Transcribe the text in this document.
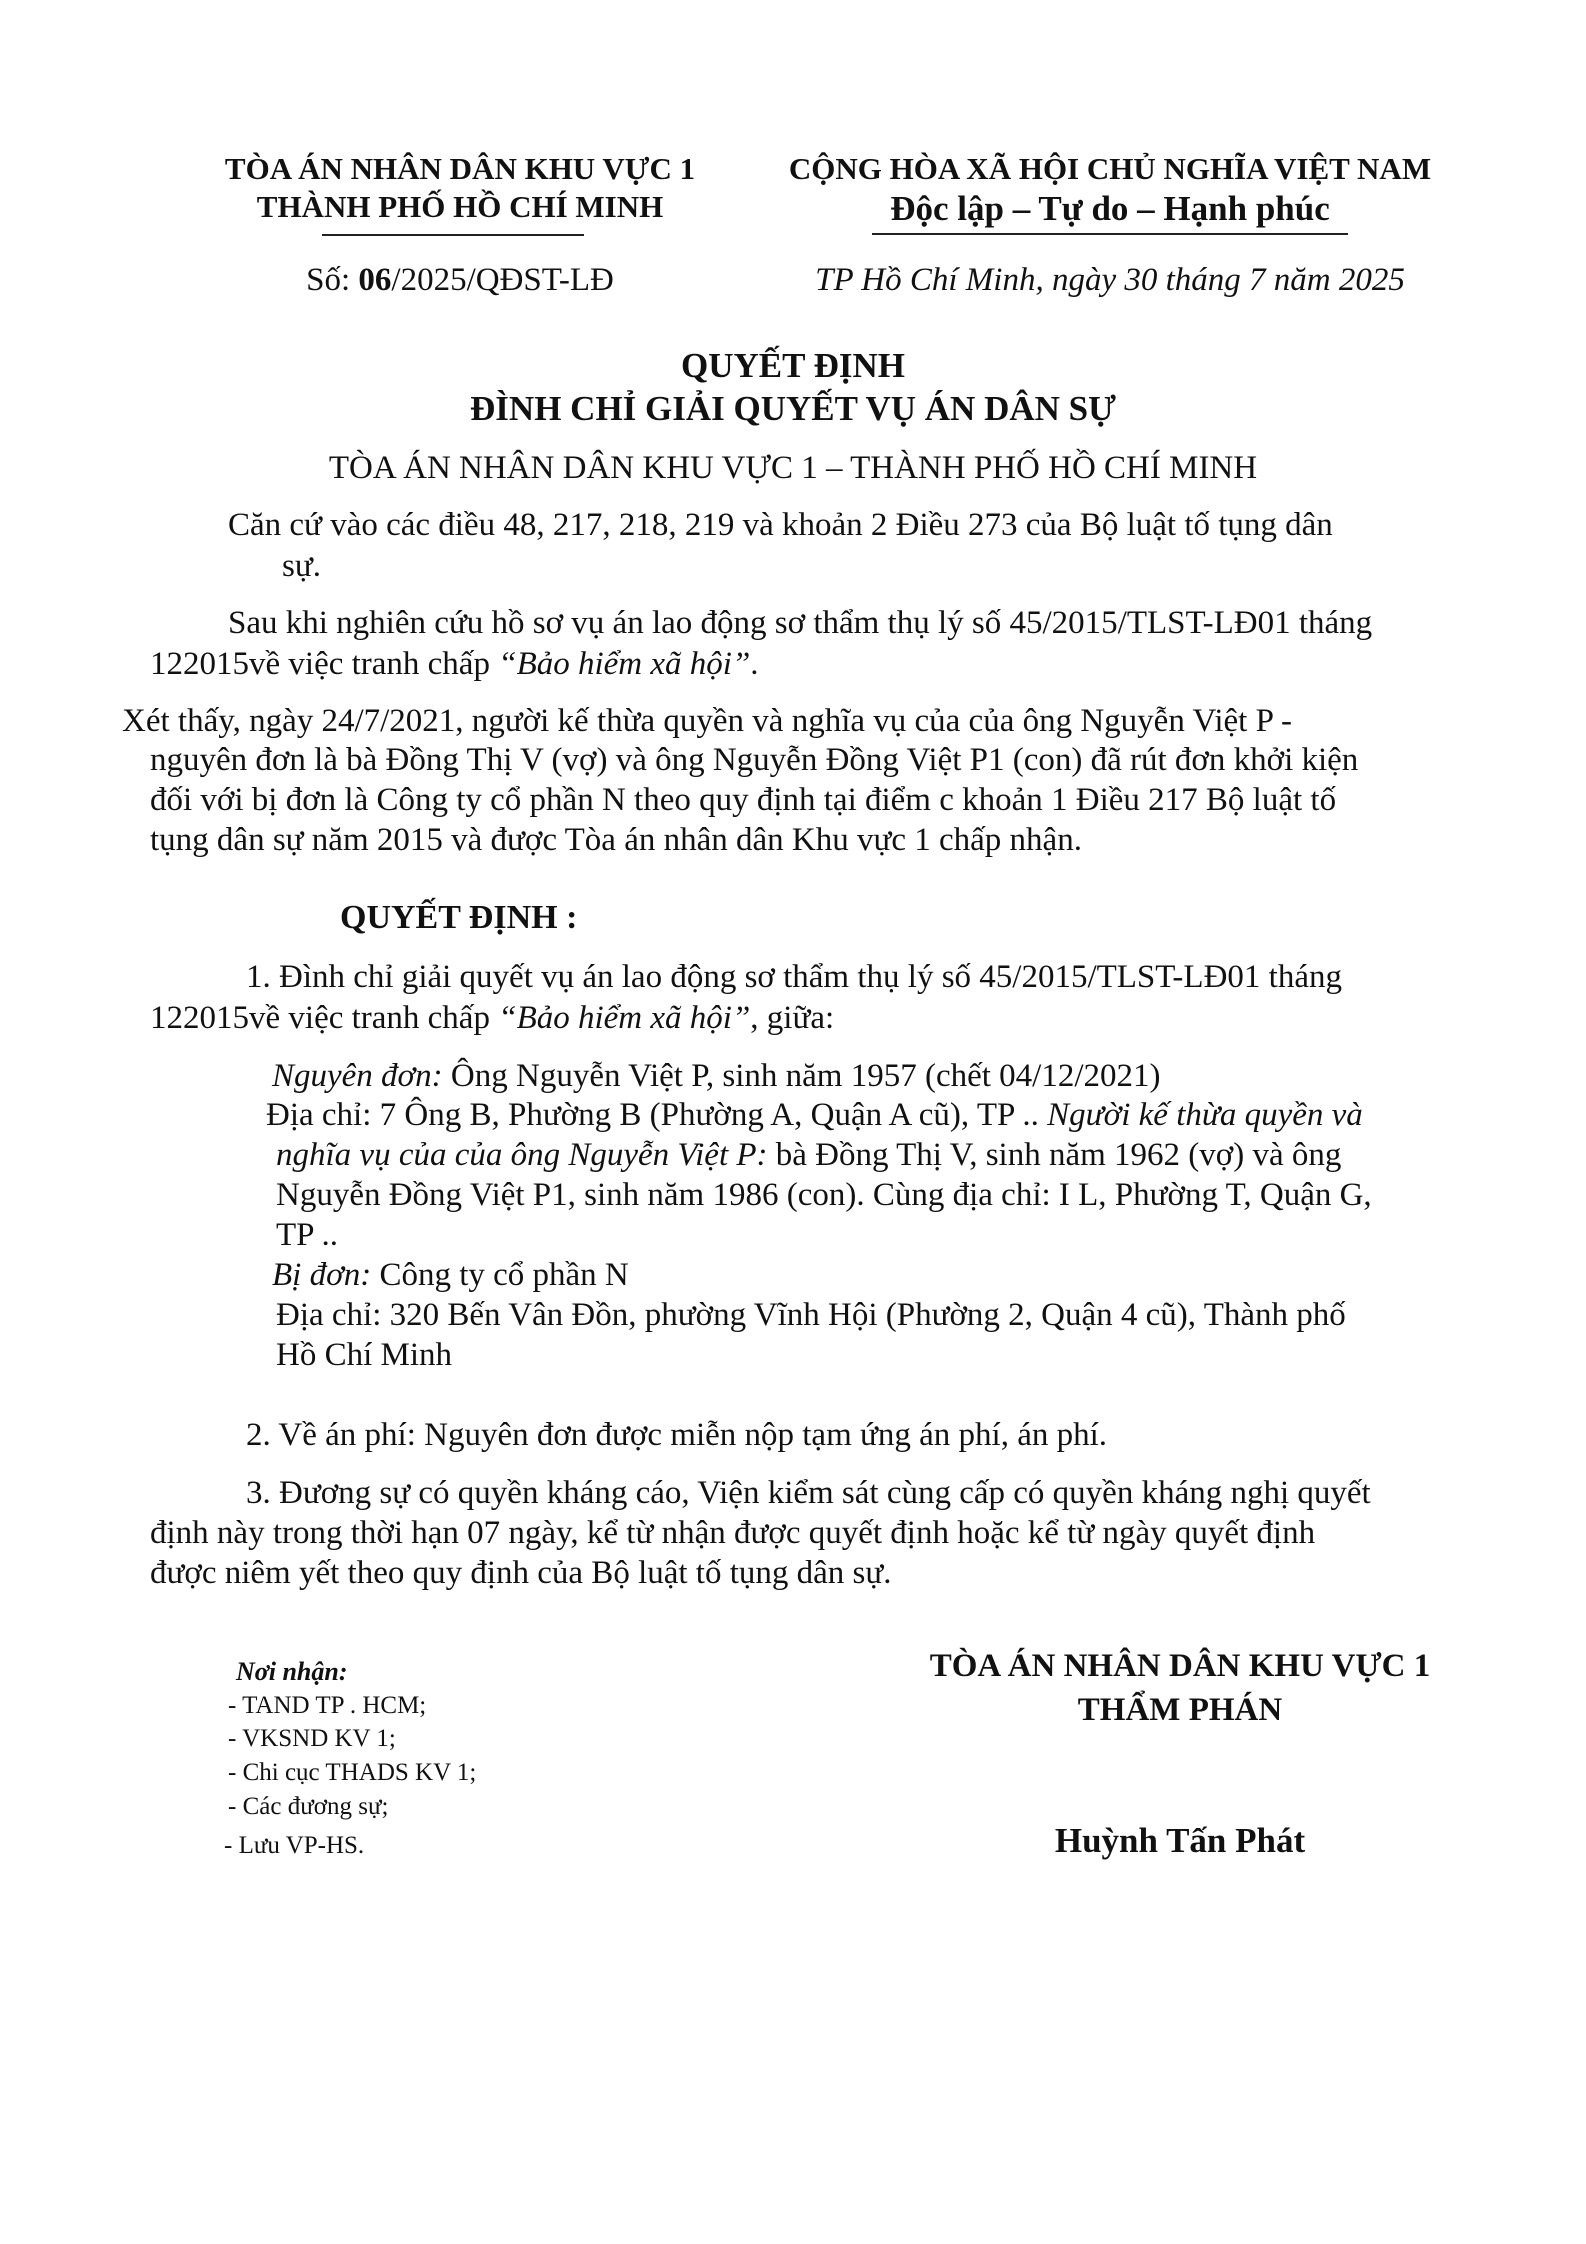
TÒA ÁN NHÂN DÂN KHU VỰC 1
THÀNH PHỐ HỒ CHÍ MINH
CỘNG HÒA XÃ HỘI CHỦ NGHĨA VIỆT NAM
Độc lập – Tự do – Hạnh phúc
Số: 06/2025/QĐST-LĐ	TP Hồ Chí Minh, ngày 30 tháng 7 năm 2025
QUYẾT ĐỊNH
ĐÌNH CHỈ GIẢI QUYẾT VỤ ÁN DÂN SỰ
TÒA ÁN NHÂN DÂN KHU VỰC 1 – THÀNH PHỐ HỒ CHÍ MINH
Căn cứ vào các điều 48, 217, 218, 219 và khoản 2 Điều 273 của Bộ luật tố tụng dân
sự.
Sau khi nghiên cứu hồ sơ vụ án lao động sơ thẩm thụ lý số 45/2015/TLST-LĐ01 tháng
122015về việc tranh chấp “Bảo hiểm xã hội”.
Xét thấy, ngày 24/7/2021, người kế thừa quyền và nghĩa vụ của của ông Nguyễn Việt P -
nguyên đơn là bà Đồng Thị V (vợ) và ông Nguyễn Đồng Việt P1 (con) đã rút đơn khởi kiện
đối với bị đơn là Công ty cổ phần N theo quy định tại điểm c khoản 1 Điều 217 Bộ luật tố
tụng dân sự năm 2015 và được Tòa án nhân dân Khu vực 1 chấp nhận.
QUYẾT ĐỊNH :
1. Đình chỉ giải quyết vụ án lao động sơ thẩm thụ lý số 45/2015/TLST-LĐ01 tháng
122015về việc tranh chấp “Bảo hiểm xã hội”, giữa:
Nguyên đơn: Ông Nguyễn Việt P, sinh năm 1957 (chết 04/12/2021)
Địa chỉ: 7 Ông B, Phường B (Phường A, Quận A cũ), TP .. Người kế thừa quyền và
nghĩa vụ của của ông Nguyễn Việt P: bà Đồng Thị V, sinh năm 1962 (vợ) và ông
Nguyễn Đồng Việt P1, sinh năm 1986 (con). Cùng địa chỉ: I L, Phường T, Quận G,
TP ..
Bị đơn: Công ty cổ phần N
Địa chỉ: 320 Bến Vân Đồn, phường Vĩnh Hội (Phường 2, Quận 4 cũ), Thành phố
Hồ Chí Minh
2. Về án phí: Nguyên đơn được miễn nộp tạm ứng án phí, án phí.
3. Đương sự có quyền kháng cáo, Viện kiểm sát cùng cấp có quyền kháng nghị quyết
định này trong thời hạn 07 ngày, kể từ nhận được quyết định hoặc kể từ ngày quyết định
được niêm yết theo quy định của Bộ luật tố tụng dân sự.
Nơi nhận:
- TAND TP . HCM;
- VKSND KV 1;
- Chi cục THADS KV 1;
- Các đương sự;
- Lưu VP-HS.
TÒA ÁN NHÂN DÂN KHU VỰC 1
THẨM PHÁN
Huỳnh Tấn Phát
